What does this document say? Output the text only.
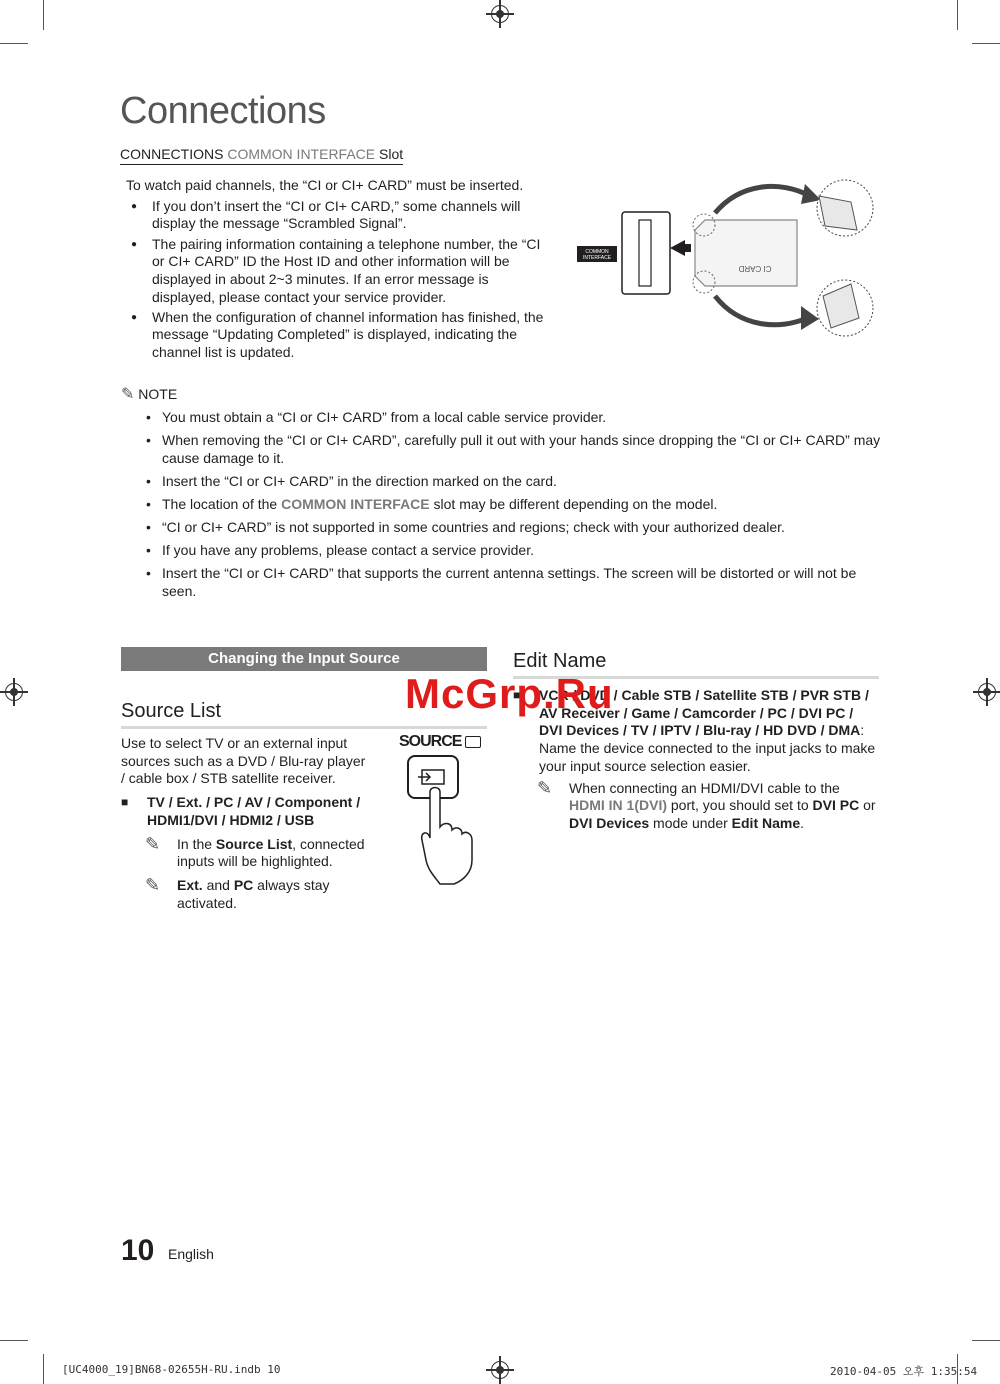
Connections
CONNECTIONS COMMON INTERFACE Slot
To watch paid channels, the “CI or CI+ CARD” must be inserted.
● If you don’t insert the “CI or CI+ CARD,” some channels will display the message “Scrambled Signal”.
● The pairing information containing a telephone number, the “CI or CI+ CARD” ID the Host ID and other information will be displayed in about 2~3 minutes. If an error message is displayed, please contact your service provider.
● When the configuration of channel information has finished, the message “Updating Completed” is displayed, indicating the channel list is updated.
COMMON
INTERFACE
CI CARD
✎ NOTE
• You must obtain a “CI or CI+ CARD” from a local cable service provider.
• When removing the “CI or CI+ CARD”, carefully pull it out with your hands since dropping the “CI or CI+ CARD” may cause damage to it.
• Insert the “CI or CI+ CARD” in the direction marked on the card.
• The location of the COMMON INTERFACE slot may be different depending on the model.
• “CI or CI+ CARD” is not supported in some countries and regions; check with your authorized dealer.
• If you have any problems, please contact a service provider.
• Insert the “CI or CI+ CARD” that supports the current antenna settings. The screen will be distorted or will not be seen.
Changing the Input Source
Source List
Use to select TV or an external input sources such as a DVD / Blu-ray player / cable box / STB satellite receiver.
■ TV / Ext. / PC / AV / Component / HDMI1/DVI / HDMI2 / USB
✎ In the Source List, connected inputs will be highlighted.
✎ Ext. and PC always stay activated.
SOURCE
Edit Name
■ VCR / DVD / Cable STB / Satellite STB / PVR STB / AV Receiver / Game / Camcorder / PC / DVI PC / DVI Devices / TV / IPTV / Blu-ray / HD DVD / DMA: Name the device connected to the input jacks to make your input source selection easier.
✎ When connecting an HDMI/DVI cable to the HDMI IN 1(DVI) port, you should set to DVI PC or DVI Devices mode under Edit Name.
McGrp.Ru
10 English
[UC4000_19]BN68-02655H-RU.indb 10	2010-04-05 오후 1:35:54
